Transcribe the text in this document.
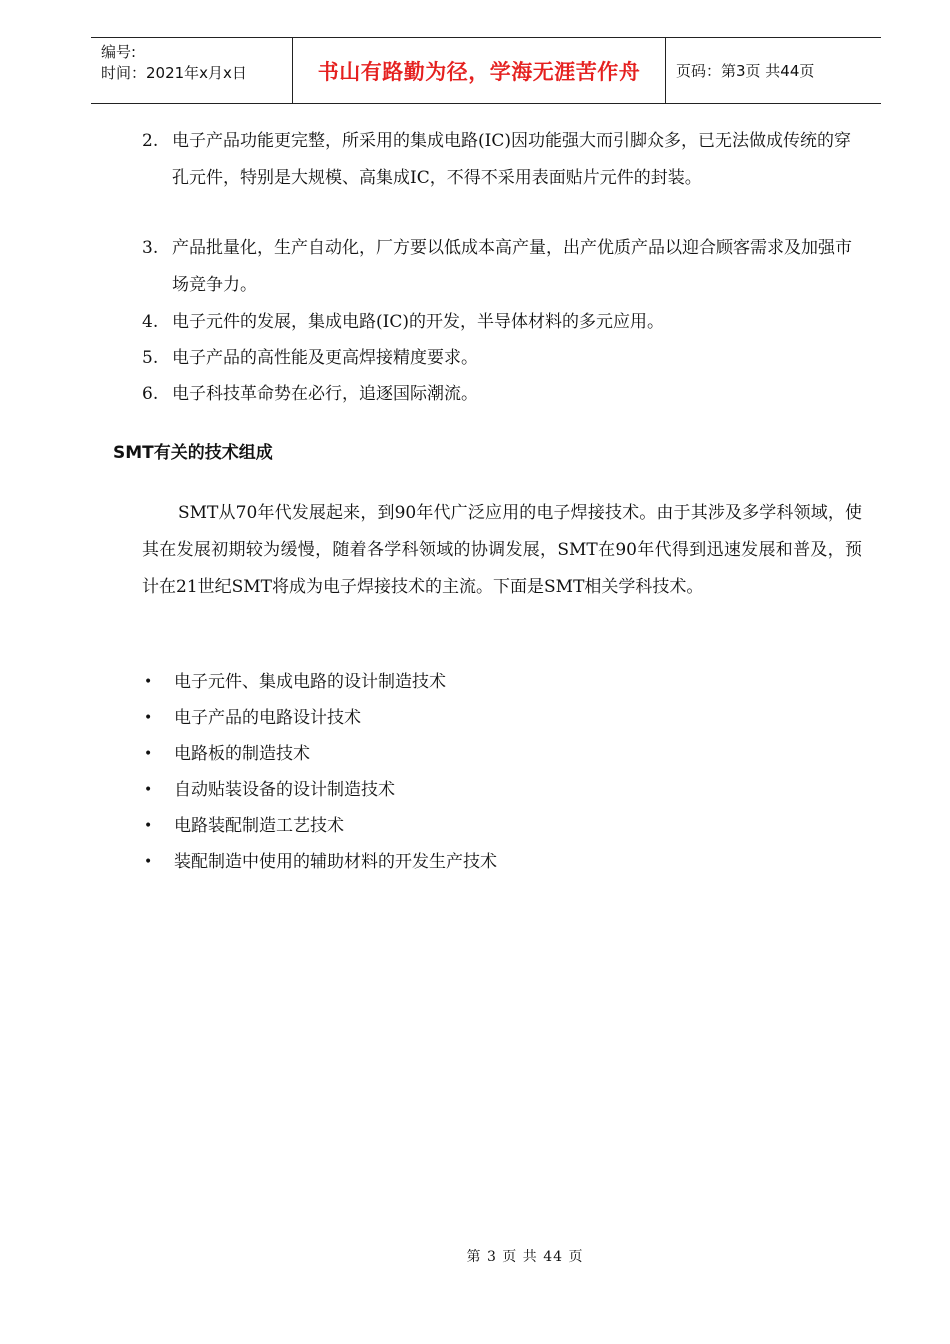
编号:
时间：2021年x月x日	书山有路勤为径，学海无涯苦作舟	页码：第3页 共44页
2. 电子产品功能更完整，所采用的集成电路(IC)因功能强大而引脚众多，已无法做成传统的穿孔元件，特别是大规模、高集成IC，不得不采用表面贴片元件的封装。
3. 产品批量化，生产自动化，厂方要以低成本高产量，出产优质产品以迎合顾客需求及加强市场竞争力。
4. 电子元件的发展，集成电路(IC)的开发，半导体材料的多元应用。
5. 电子产品的高性能及更高焊接精度要求。
6. 电子科技革命势在必行，追逐国际潮流。
SMT有关的技术组成

SMT从70年代发展起来，到90年代广泛应用的电子焊接技术。由于其涉及多学科领域，使其在发展初期较为缓慢，随着各学科领域的协调发展，SMT在90年代得到迅速发展和普及，预计在21世纪SMT将成为电子焊接技术的主流。下面是SMT相关学科技术。

•	电子元件、集成电路的设计制造技术
•	电子产品的电路设计技术
•	电路板的制造技术
•	自动贴装设备的设计制造技术
•	电路装配制造工艺技术
•	装配制造中使用的辅助材料的开发生产技术
第 3 页 共 44 页
